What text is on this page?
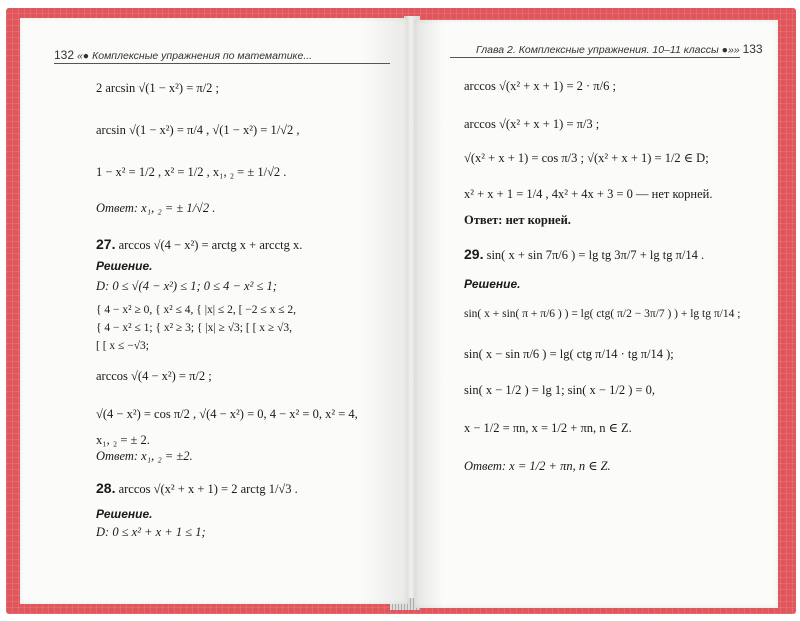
132 «● Комплексные упражнения по математике...
2 arcsin √(1 − x²) = π/2 ;
arcsin √(1 − x²) = π/4 , √(1 − x²) = 1/√2 ,
1 − x² = 1/2 , x² = 1/2 , x₁, ₂ = ± 1/√2 .
Ответ: x₁, ₂ = ± 1/√2 .
27. arccos √(4 − x²) = arctg x + arcctg x.
Решение.
D: 0 ≤ √(4 − x²) ≤ 1; 0 ≤ 4 − x² ≤ 1;
{ 4 − x² ≥ 0, { x² ≤ 4, { |x| ≤ 2, [ −2 ≤ x ≤ 2,
{ 4 − x² ≤ 1; { x² ≥ 3; { |x| ≥ √3; [ [ x ≥ √3,
[ [ x ≤ −√3;
arccos √(4 − x²) = π/2 ;
√(4 − x²) = cos π/2 , √(4 − x²) = 0, 4 − x² = 0, x² = 4,
x₁, ₂ = ± 2.
Ответ: x₁, ₂ = ±2.
28. arccos √(x² + x + 1) = 2 arctg 1/√3 .
Решение.
D: 0 ≤ x² + x + 1 ≤ 1;
Глава 2. Комплексные упражнения. 10–11 классы ●»» 133
arccos √(x² + x + 1) = 2 · π/6 ;
arccos √(x² + x + 1) = π/3 ;
√(x² + x + 1) = cos π/3 ; √(x² + x + 1) = 1/2 ∈ D;
x² + x + 1 = 1/4 , 4x² + 4x + 3 = 0 — нет корней.
Ответ: нет корней.
29. sin( x + sin 7π/6 ) = lg tg 3π/7 + lg tg π/14 .
Решение.
sin( x + sin( π + π/6 ) ) = lg( ctg( π/2 − 3π/7 ) ) + lg tg π/14 ;
sin( x − sin π/6 ) = lg( ctg π/14 · tg π/14 );
sin( x − 1/2 ) = lg 1; sin( x − 1/2 ) = 0,
x − 1/2 = πn, x = 1/2 + πn, n ∈ Z.
Ответ: x = 1/2 + πn, n ∈ Z.
